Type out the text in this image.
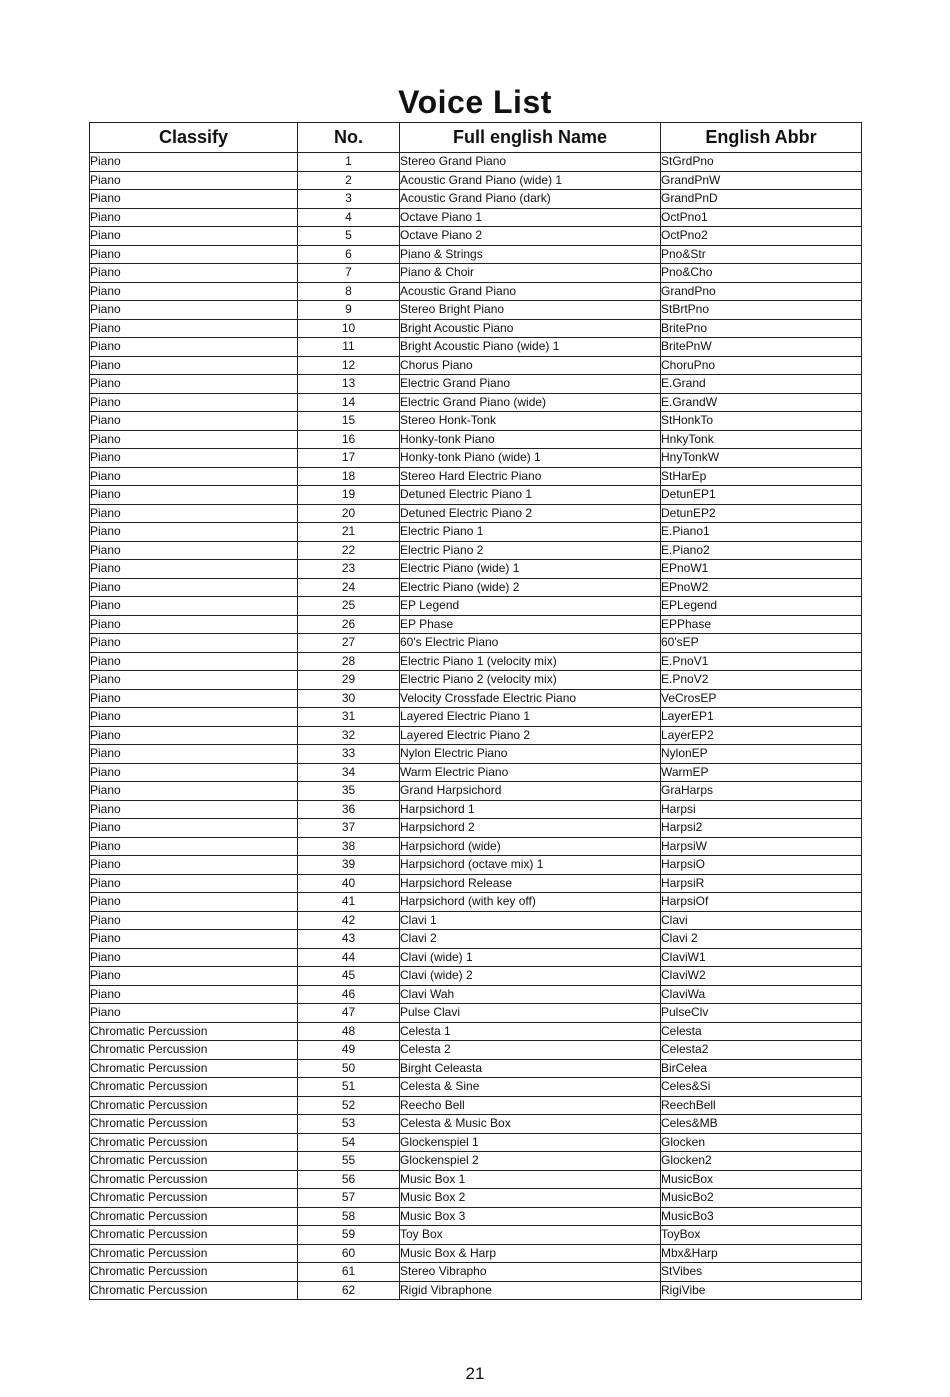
Voice List
Classify	No.	Full english Name	English Abbr
Piano	1	Stereo Grand Piano	StGrdPno
Piano	2	Acoustic Grand Piano (wide) 1	GrandPnW
Piano	3	Acoustic Grand Piano (dark)	GrandPnD
Piano	4	Octave Piano 1	OctPno1
Piano	5	Octave Piano 2	OctPno2
Piano	6	Piano & Strings	Pno&Str
Piano	7	Piano & Choir	Pno&Cho
Piano	8	Acoustic Grand Piano	GrandPno
Piano	9	Stereo Bright Piano	StBrtPno
Piano	10	Bright Acoustic Piano	BritePno
Piano	11	Bright Acoustic Piano (wide) 1	BritePnW
Piano	12	Chorus Piano	ChoruPno
Piano	13	Electric Grand Piano	E.Grand
Piano	14	Electric Grand Piano (wide)	E.GrandW
Piano	15	Stereo Honk-Tonk	StHonkTo
Piano	16	Honky-tonk Piano	HnkyTonk
Piano	17	Honky-tonk Piano (wide) 1	HnyTonkW
Piano	18	Stereo Hard Electric Piano	StHarEp
Piano	19	Detuned Electric Piano 1	DetunEP1
Piano	20	Detuned Electric Piano 2	DetunEP2
Piano	21	Electric Piano 1	E.Piano1
Piano	22	Electric Piano 2	E.Piano2
Piano	23	Electric Piano (wide) 1	EPnoW1
Piano	24	Electric Piano (wide) 2	EPnoW2
Piano	25	EP Legend	EPLegend
Piano	26	EP Phase	EPPhase
Piano	27	60's Electric Piano	60'sEP
Piano	28	Electric Piano 1 (velocity mix)	E.PnoV1
Piano	29	Electric Piano 2 (velocity mix)	E.PnoV2
Piano	30	Velocity Crossfade Electric Piano	VeCrosEP
Piano	31	Layered Electric Piano 1	LayerEP1
Piano	32	Layered Electric Piano 2	LayerEP2
Piano	33	Nylon Electric Piano	NylonEP
Piano	34	Warm Electric Piano	WarmEP
Piano	35	Grand Harpsichord	GraHarps
Piano	36	Harpsichord 1	Harpsi
Piano	37	Harpsichord 2	Harpsi2
Piano	38	Harpsichord (wide)	HarpsiW
Piano	39	Harpsichord (octave mix) 1	HarpsiO
Piano	40	Harpsichord Release	HarpsiR
Piano	41	Harpsichord (with key off)	HarpsiOf
Piano	42	Clavi 1	Clavi
Piano	43	Clavi 2	Clavi 2
Piano	44	Clavi (wide) 1	ClaviW1
Piano	45	Clavi (wide) 2	ClaviW2
Piano	46	Clavi Wah	ClaviWa
Piano	47	Pulse Clavi	PulseClv
Chromatic Percussion	48	Celesta 1	Celesta
Chromatic Percussion	49	Celesta 2	Celesta2
Chromatic Percussion	50	Birght Celeasta	BirCelea
Chromatic Percussion	51	Celesta & Sine	Celes&Si
Chromatic Percussion	52	Reecho Bell	ReechBell
Chromatic Percussion	53	Celesta & Music Box	Celes&MB
Chromatic Percussion	54	Glockenspiel 1	Glocken
Chromatic Percussion	55	Glockenspiel 2	Glocken2
Chromatic Percussion	56	Music Box 1	MusicBox
Chromatic Percussion	57	Music Box 2	MusicBo2
Chromatic Percussion	58	Music Box 3	MusicBo3
Chromatic Percussion	59	Toy Box	ToyBox
Chromatic Percussion	60	Music Box & Harp	Mbx&Harp
Chromatic Percussion	61	Stereo Vibrapho	StVibes
Chromatic Percussion	62	Rigid Vibraphone	RigiVibe
21
